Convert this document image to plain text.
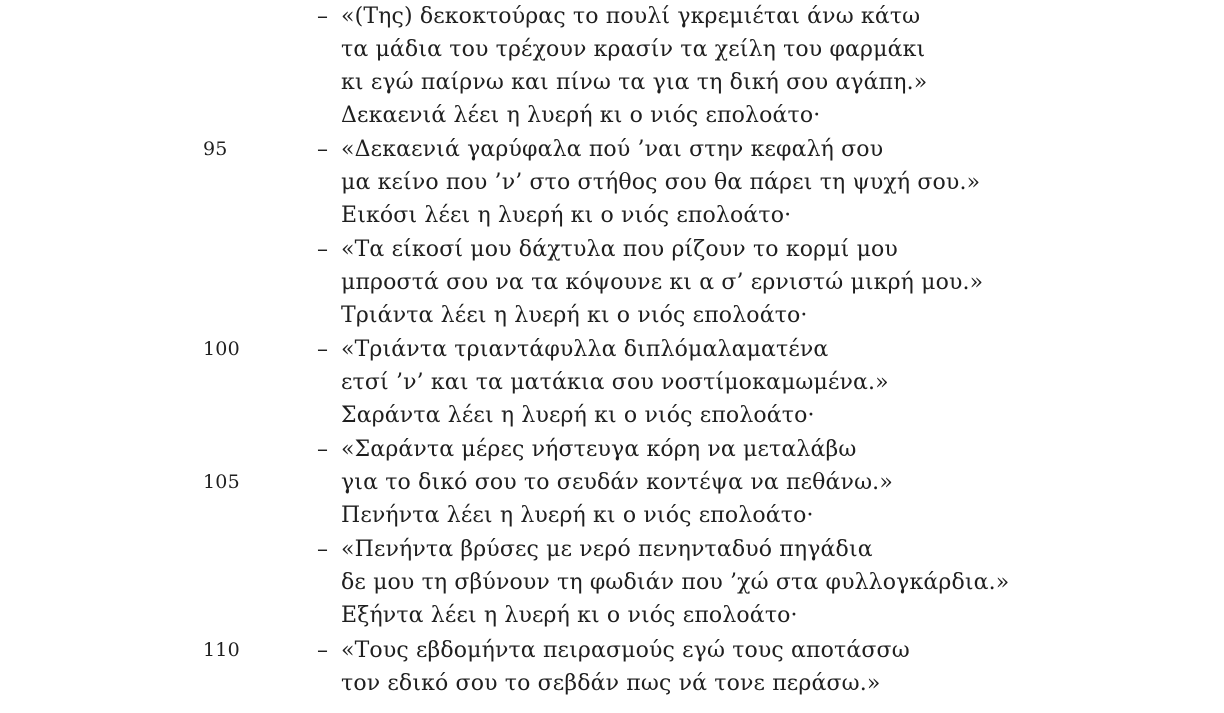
– «(Της) δεκοκτούρας το πουλί γκρεμιέται άνω κάτω
τα μάδια του τρέχουν κρασίν τα χείλη του φαρμάκι
κι εγώ παίρνω και πίνω τα για τη δική σου αγάπη.»
Δεκαενιά λέει η λυερή κι ο νιός επολοάτο·
95	– «Δεκαενιά γαρύφαλα πού ’ναι στην κεφαλή σου
μα κείνο που ’ν’ στο στήθος σου θα πάρει τη ψυχή σου.»
Εικόσι λέει η λυερή κι ο νιός επολοάτο·
– «Τα είκοσί μου δάχτυλα που ρίζουν το κορμί μου
μπροστά σου να τα κόψουνε κι α σ’ ερνιστώ μικρή μου.»
Τριάντα λέει η λυερή κι ο νιός επολοάτο·
100	– «Τριάντα τριαντάφυλλα διπλόμαλαματένα
ετσί ’ν’ και τα ματάκια σου νοστίμοκαμωμένα.»
Σαράντα λέει η λυερή κι ο νιός επολοάτο·
– «Σαράντα μέρες νήστευγα κόρη να μεταλάβω
105	για το δικό σου το σευδάν κοντέψα να πεθάνω.»
Πενήντα λέει η λυερή κι ο νιός επολοάτο·
– «Πενήντα βρύσες με νερό πενηνταδυό πηγάδια
δε μου τη σβύνουν τη φωδιάν που ’χώ στα φυλλογκάρδια.»
Εξήντα λέει η λυερή κι ο νιός επολοάτο·
110	– «Τους εβδομήντα πειρασμούς εγώ τους αποτάσσω
τον εδικό σου το σεβδάν πως νά τονε περάσω.»
